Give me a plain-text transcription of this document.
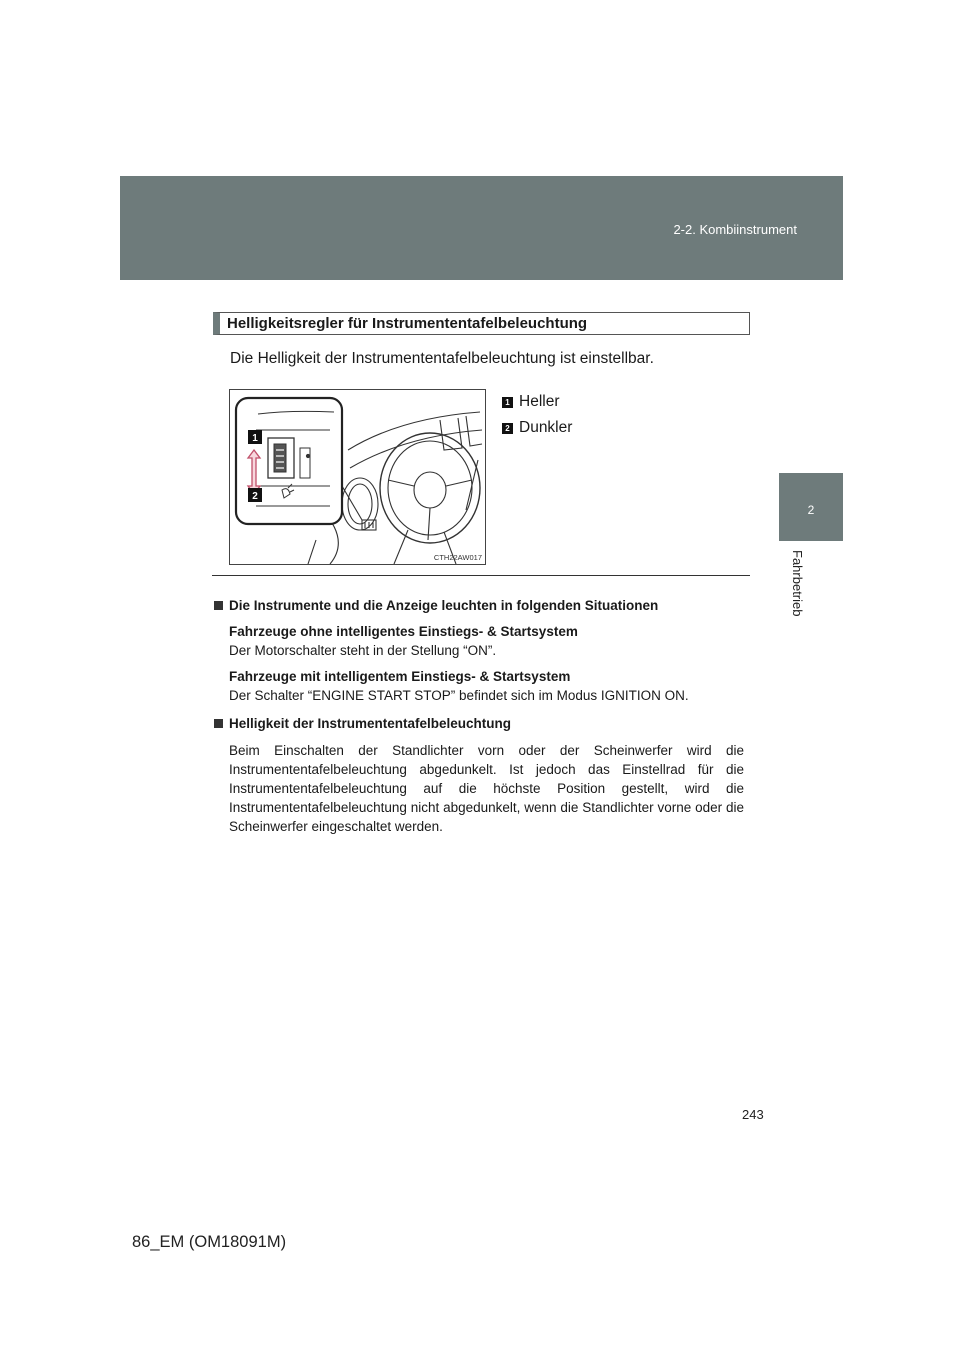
2-2. Kombiinstrument
2
Fahrbetrieb
Helligkeitsregler für Instrumententafelbeleuchtung
Die Helligkeit der Instrumententafelbeleuchtung ist einstellbar.
1
2
CTH22AW017
1 Heller
2 Dunkler
Die Instrumente und die Anzeige leuchten in folgenden Situationen
Fahrzeuge ohne intelligentes Einstiegs- & Startsystem
Der Motorschalter steht in der Stellung “ON”.
Fahrzeuge mit intelligentem Einstiegs- & Startsystem
Der Schalter “ENGINE START STOP” befindet sich im Modus IGNITION ON.
Helligkeit der Instrumententafelbeleuchtung
Beim Einschalten der Standlichter vorn oder der Scheinwerfer wird die Instrumententafelbeleuchtung abgedunkelt. Ist jedoch das Einstellrad für die Instrumententafelbeleuchtung auf die höchste Position gestellt, wird die Instrumententafelbeleuchtung nicht abgedunkelt, wenn die Standlichter vorne oder die Scheinwerfer eingeschaltet werden.
243
86_EM (OM18091M)
